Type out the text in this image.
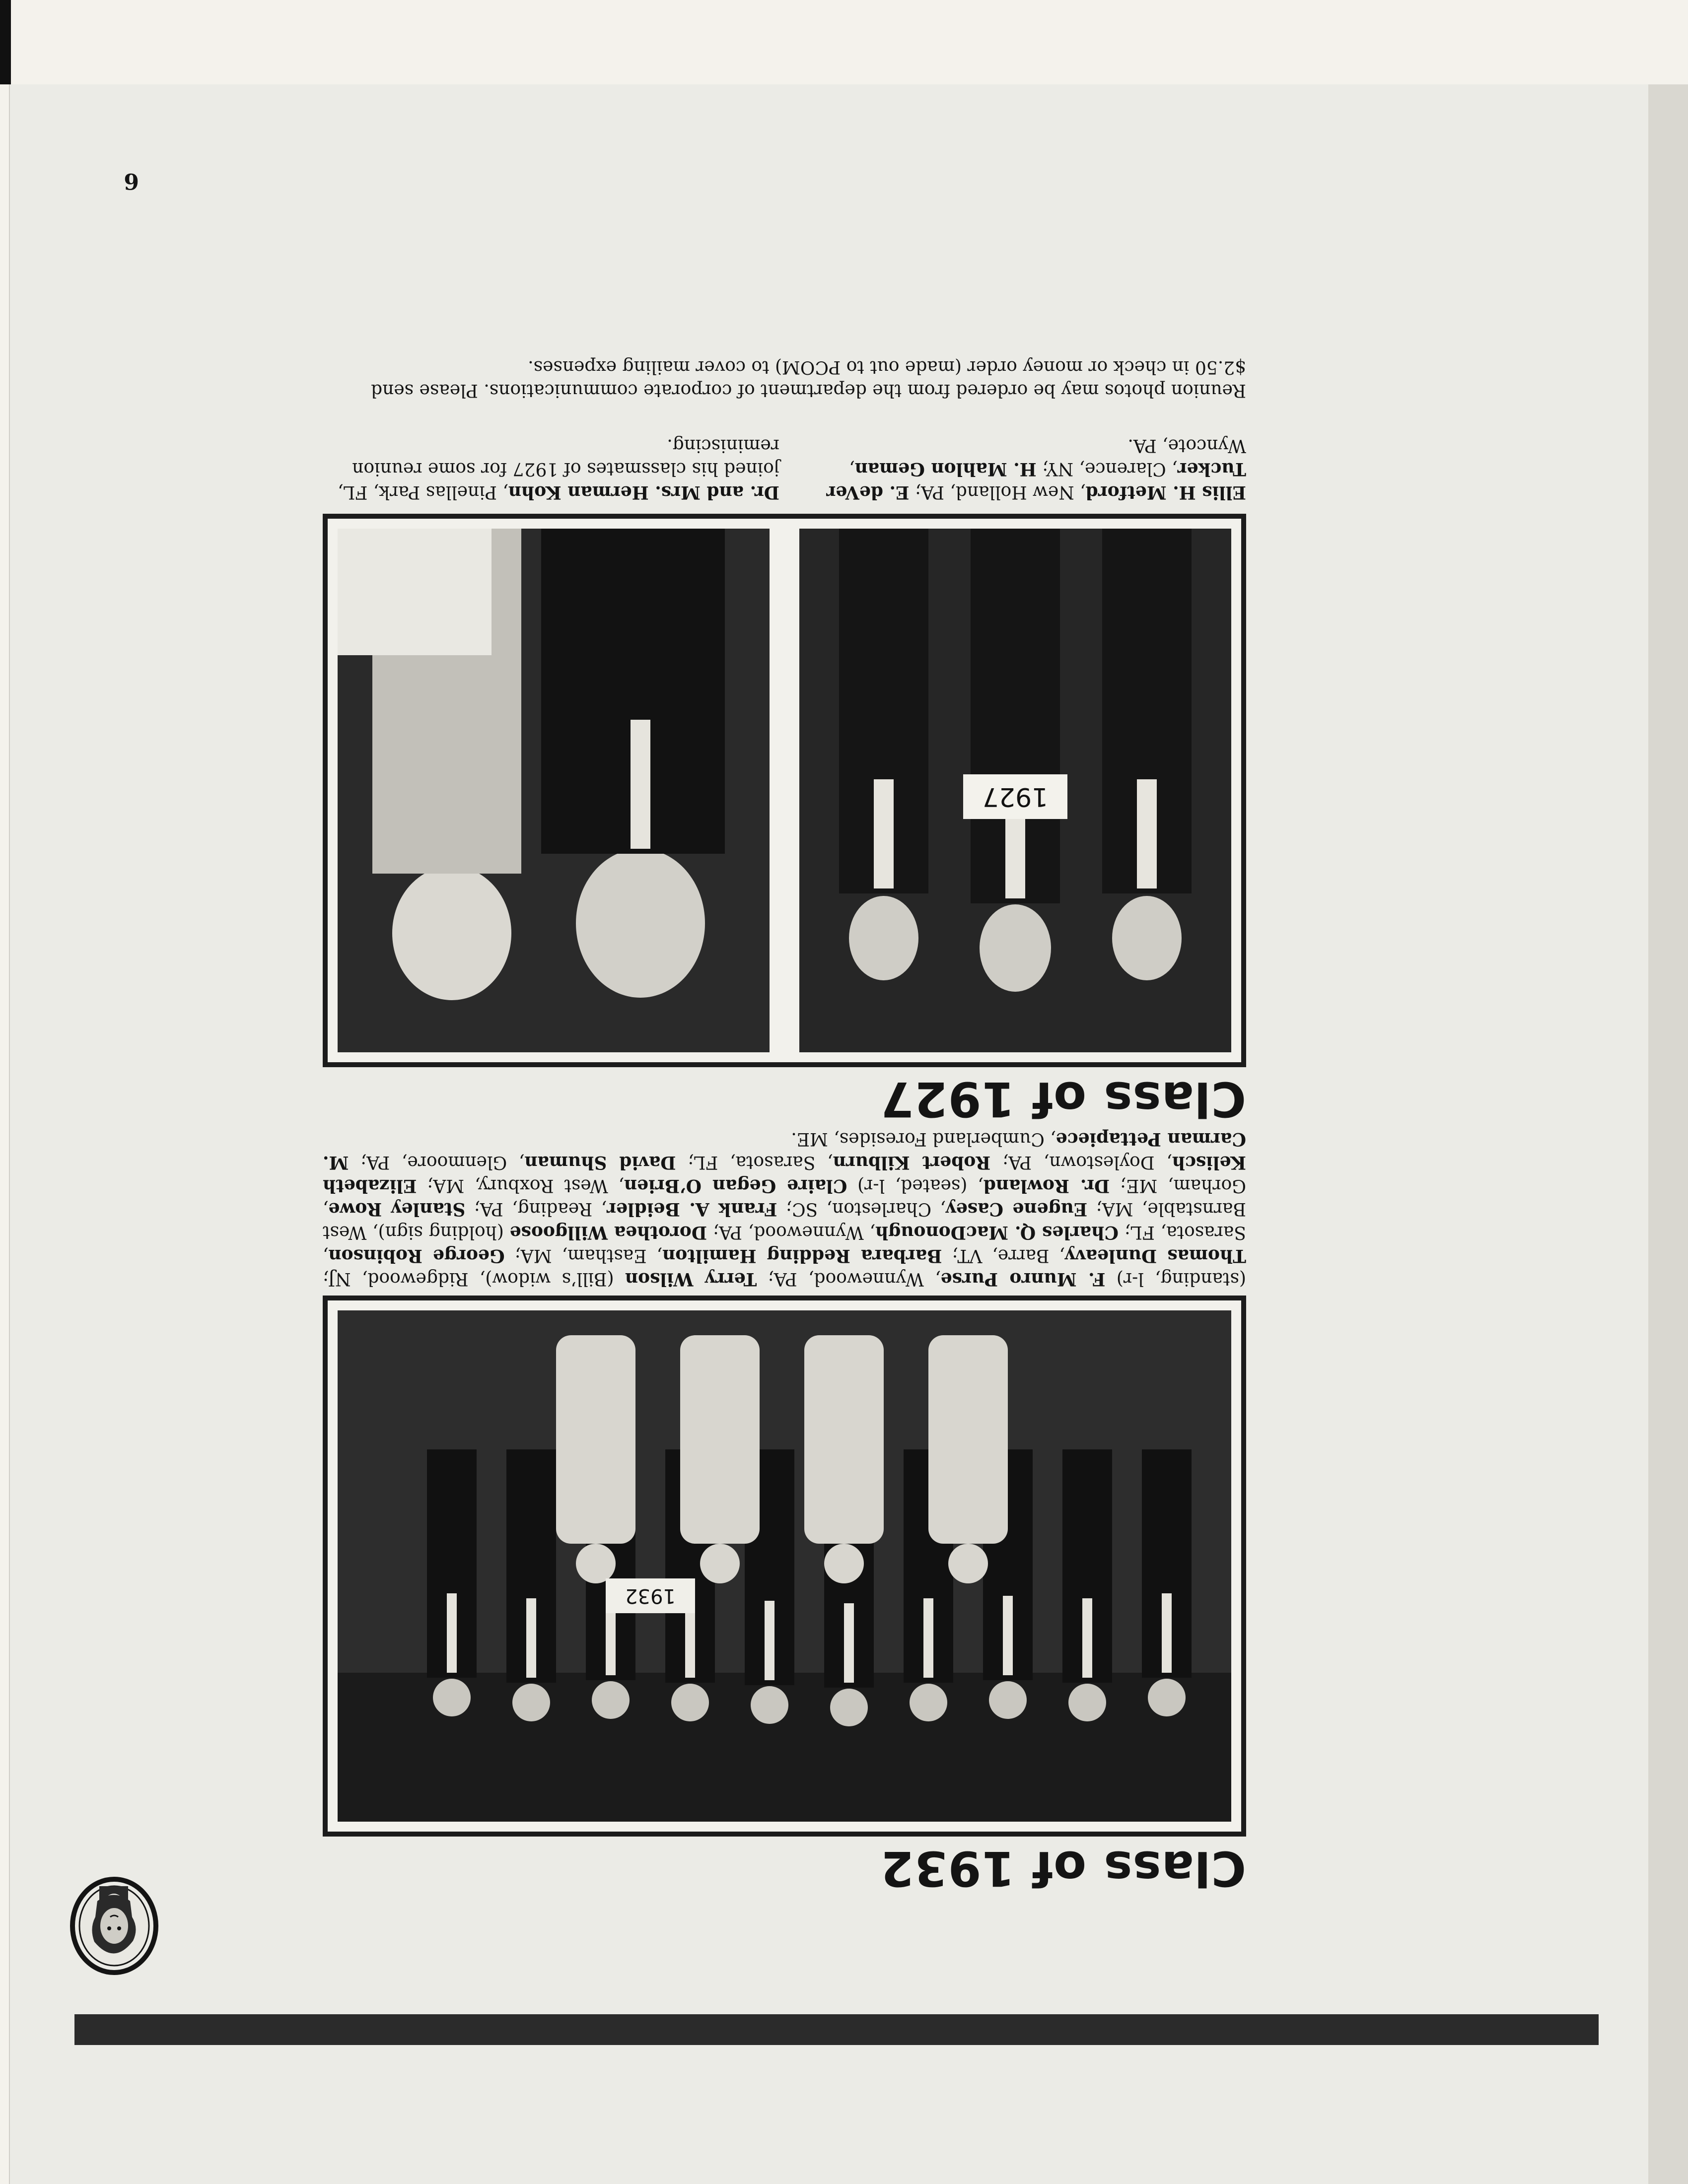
6
Class of 1932
1932

(standing, l-r) F. Munro Purse, Wynnewood, PA; Terry Wilson (Bill’s widow), Ridgewood, NJ; Thomas Dunleavy, Barre, VT; Barbara Redding Hamilton, Eastham, MA; George Robinson, Sarasota, FL; Charles Q. MacDonough, Wynnewood, PA; Dorothea Willgoose (holding sign), West Barnstable, MA; Eugene Casey, Charleston, SC; Frank A. Beidler, Reading, PA; Stanley Rowe, Gorham, ME; Dr. Rowland, (seated, l-r) Claire Gegan O’Brien, West Roxbury, MA; Elizabeth Kelisch, Doylestown, PA; Robert Kilburn, Sarasota, FL; David Shuman, Glenmoore, PA; M. Carman Pettapiece, Cumberland Foresides, ME.

Class of 1927
1927

Ellis H. Metford, New Holland, PA; E. deVer Tucker, Clarence, NY; H. Mahlon Geman, Wyncote, PA.

Dr. and Mrs. Herman Kohn, Pinellas Park, FL, joined his classmates of 1927 for some reunion reminiscing.

Reunion photos may be ordered from the department of corporate communications. Please send $2.50 in check or money order (made out to PCOM) to cover mailing expenses.
